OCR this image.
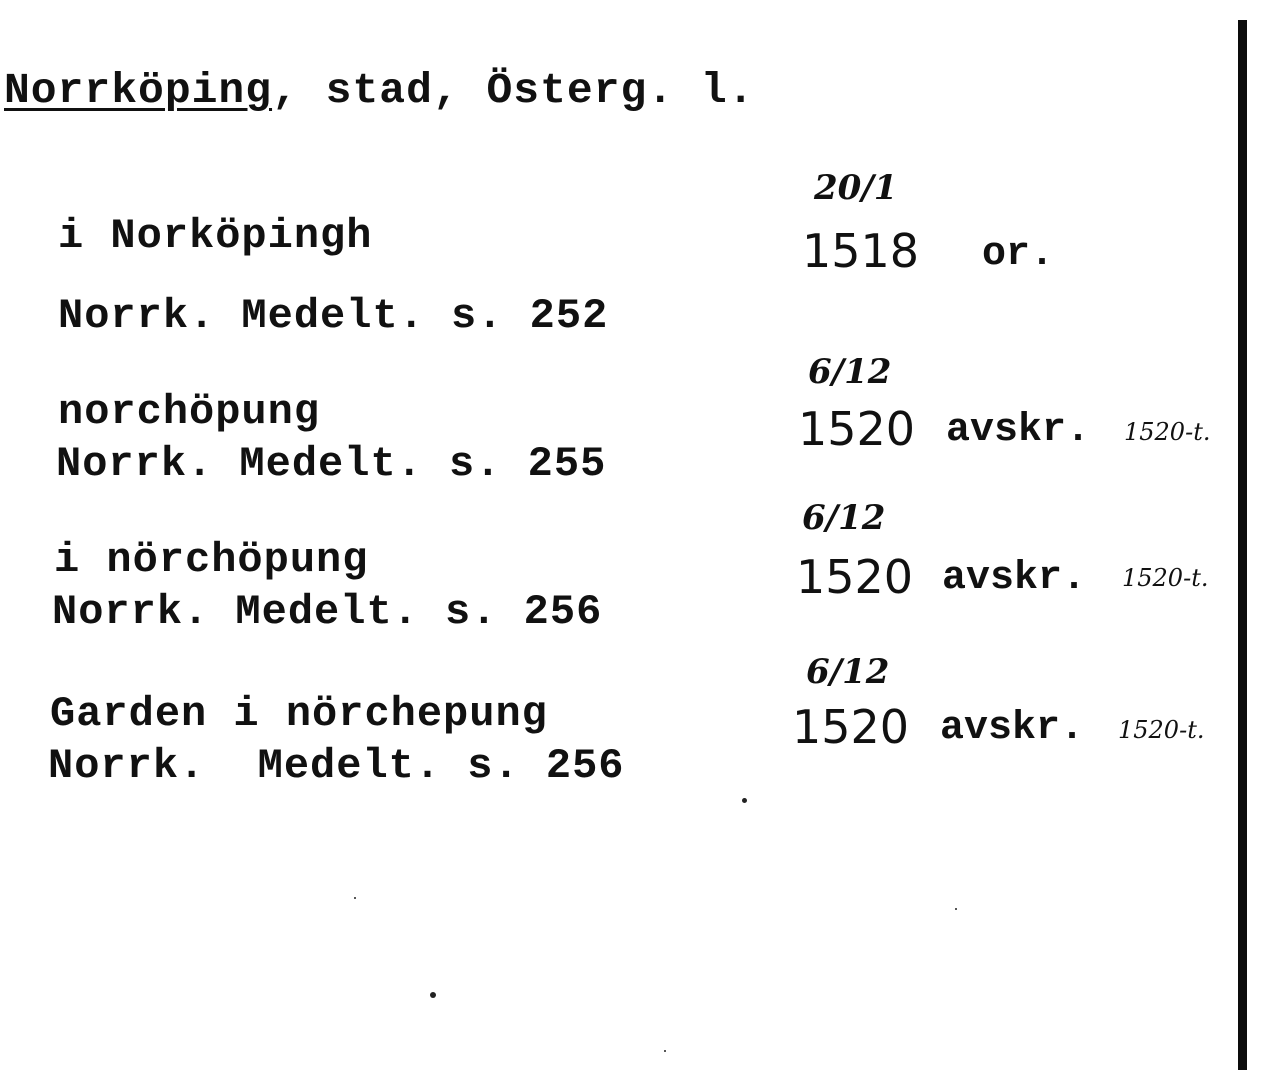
Norrköping, stad, Österg. l.
20/1
i Norköpingh	1518 or.
Norrk. Medelt. s. 252
6/12
norchöpung	1520 avskr. 1520-t.
Norrk. Medelt. s. 255
6/12
i nörchöpung	1520 avskr. 1520-t.
Norrk. Medelt. s. 256
6/12
Garden i nörchepung	1520 avskr. 1520-t.
Norrk.  Medelt. s. 256
